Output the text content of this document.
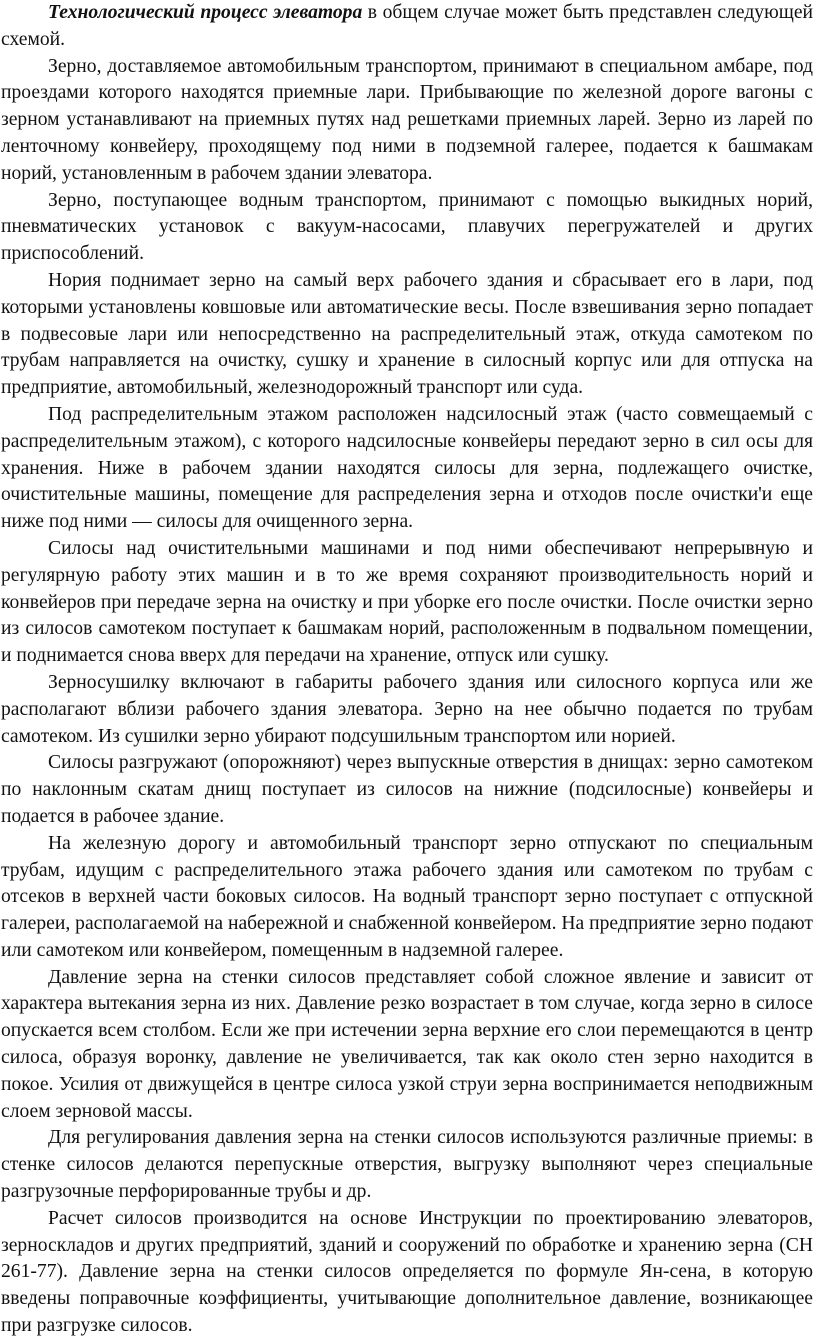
Технологический процесс элеватора в общем случае может быть представлен следующей схемой.

Зерно, доставляемое автомобильным транспортом, принимают в специальном амбаре, под проездами которого находятся приемные лари. Прибывающие по железной дороге вагоны с зерном устанавливают на приемных путях над решетками приемных ларей. Зерно из ларей по ленточному конвейеру, проходящему под ними в подземной галерее, подается к башмакам норий, установленным в рабочем здании элеватора.

Зерно, поступающее водным транспортом, принимают с помощью выкидных норий, пневматических установок с вакуум-насосами, плавучих перегружателей и других приспособлений.

Нория поднимает зерно на самый верх рабочего здания и сбрасывает его в лари, под которыми установлены ковшовые или автоматические весы. После взвешивания зерно попадает в подвесовые лари или непосредственно на распределительный этаж, откуда самотеком по трубам направляется на очистку, сушку и хранение в силосный корпус или для отпуска на предприятие, автомобильный, железнодорожный транспорт или суда.

Под распределительным этажом расположен надсилосный этаж (часто совмещаемый с распределительным этажом), с которого надсилосные конвейеры передают зерно в сил осы для хранения. Ниже в рабочем здании находятся силосы для зерна, подлежащего очистке, очистительные машины, помещение для распределения зерна и отходов после очистки'и еще ниже под ними — силосы для очищенного зерна.

Силосы над очистительными машинами и под ними обеспечивают непрерывную и регулярную работу этих машин и в то же время сохраняют производительность норий и конвейеров при передаче зерна на очистку и при уборке его после очистки. После очистки зерно из силосов самотеком поступает к башмакам норий, расположенным в подвальном помещении, и поднимается снова вверх для передачи на хранение, отпуск или сушку.

Зерносушилку включают в габариты рабочего здания или силосного корпуса или же располагают вблизи рабочего здания элеватора. Зерно на нее обычно подается по трубам самотеком. Из сушилки зерно убирают подсушильным транспортом или норией.

Силосы разгружают (опорожняют) через выпускные отверстия в днищах: зерно самотеком по наклонным скатам днищ поступает из силосов на нижние (подсилосные) конвейеры и подается в рабочее здание.

На железную дорогу и автомобильный транспорт зерно отпускают по специальным трубам, идущим с распределительного этажа рабочего здания или самотеком по трубам с отсеков в верхней части боковых силосов. На водный транспорт зерно поступает с отпускной галереи, располагаемой на набережной и снабженной конвейером. На предприятие зерно подают или самотеком или конвейером, помещенным в надземной галерее.

Давление зерна на стенки силосов представляет собой сложное явление и зависит от характера вытекания зерна из них. Давление резко возрастает в том случае, когда зерно в силосе опускается всем столбом. Если же при истечении зерна верхние его слои перемещаются в центр силоса, образуя воронку, давление не увеличивается, так как около стен зерно находится в покое. Усилия от движущейся в центре силоса узкой струи зерна воспринимается неподвижным слоем зерновой массы.

Для регулирования давления зерна на стенки силосов используются различные приемы: в стенке силосов делаются перепускные отверстия, выгрузку выполняют через специальные разгрузочные перфорированные трубы и др.

Расчет силосов производится на основе Инструкции по проектированию элеваторов, зерноскладов и других предприятий, зданий и сооружений по обработке и хранению зерна (СН 261-77). Давление зерна на стенки силосов определяется по формуле Ян-сена, в которую введены поправочные коэффициенты, учитывающие дополнительное давление, возникающее при разгрузке силосов.
